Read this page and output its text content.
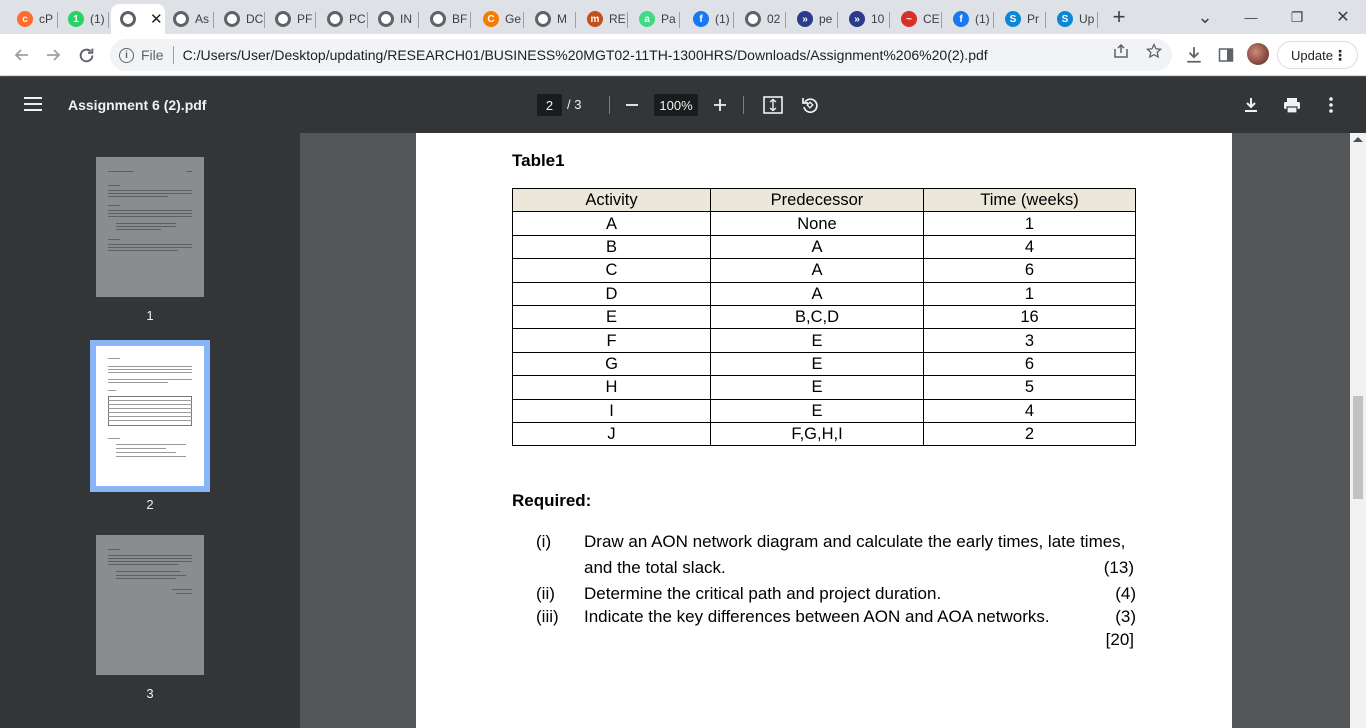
c cP	1 (1)	✕	As	DC	PF	PC	IN	BF	C Ge	M	m RE	a Pa	f	(1)	02	» pe	» 10	~ CE	f	(1)	S Pr	S Up +	⌄	—	❐	✕
i File C:/Users/User/Desktop/updating/RESEARCH01/BUSINESS%20MGT02-11TH-1300HRS/Downloads/Assignment%206%20(2).pdf	Update ⋮
Assignment 6 (2).pdf	2	/ 3	100%
1
2
3
Table1
Activity	Predecessor	Time (weeks)
A	None	1
B	A	4
C	A	6
D	A	1
E	B,C,D	16
F	E	3
G	E	6
H	E	5
I	E	4
J	F,G,H,I	2
Required:
(i) Draw an AON network diagram and calculate the early times, late times,
and the total slack.	(13)
(ii) Determine the critical path and project duration.	(4)
(iii) Indicate the key differences between AON and AOA networks.	(3)
[20]
